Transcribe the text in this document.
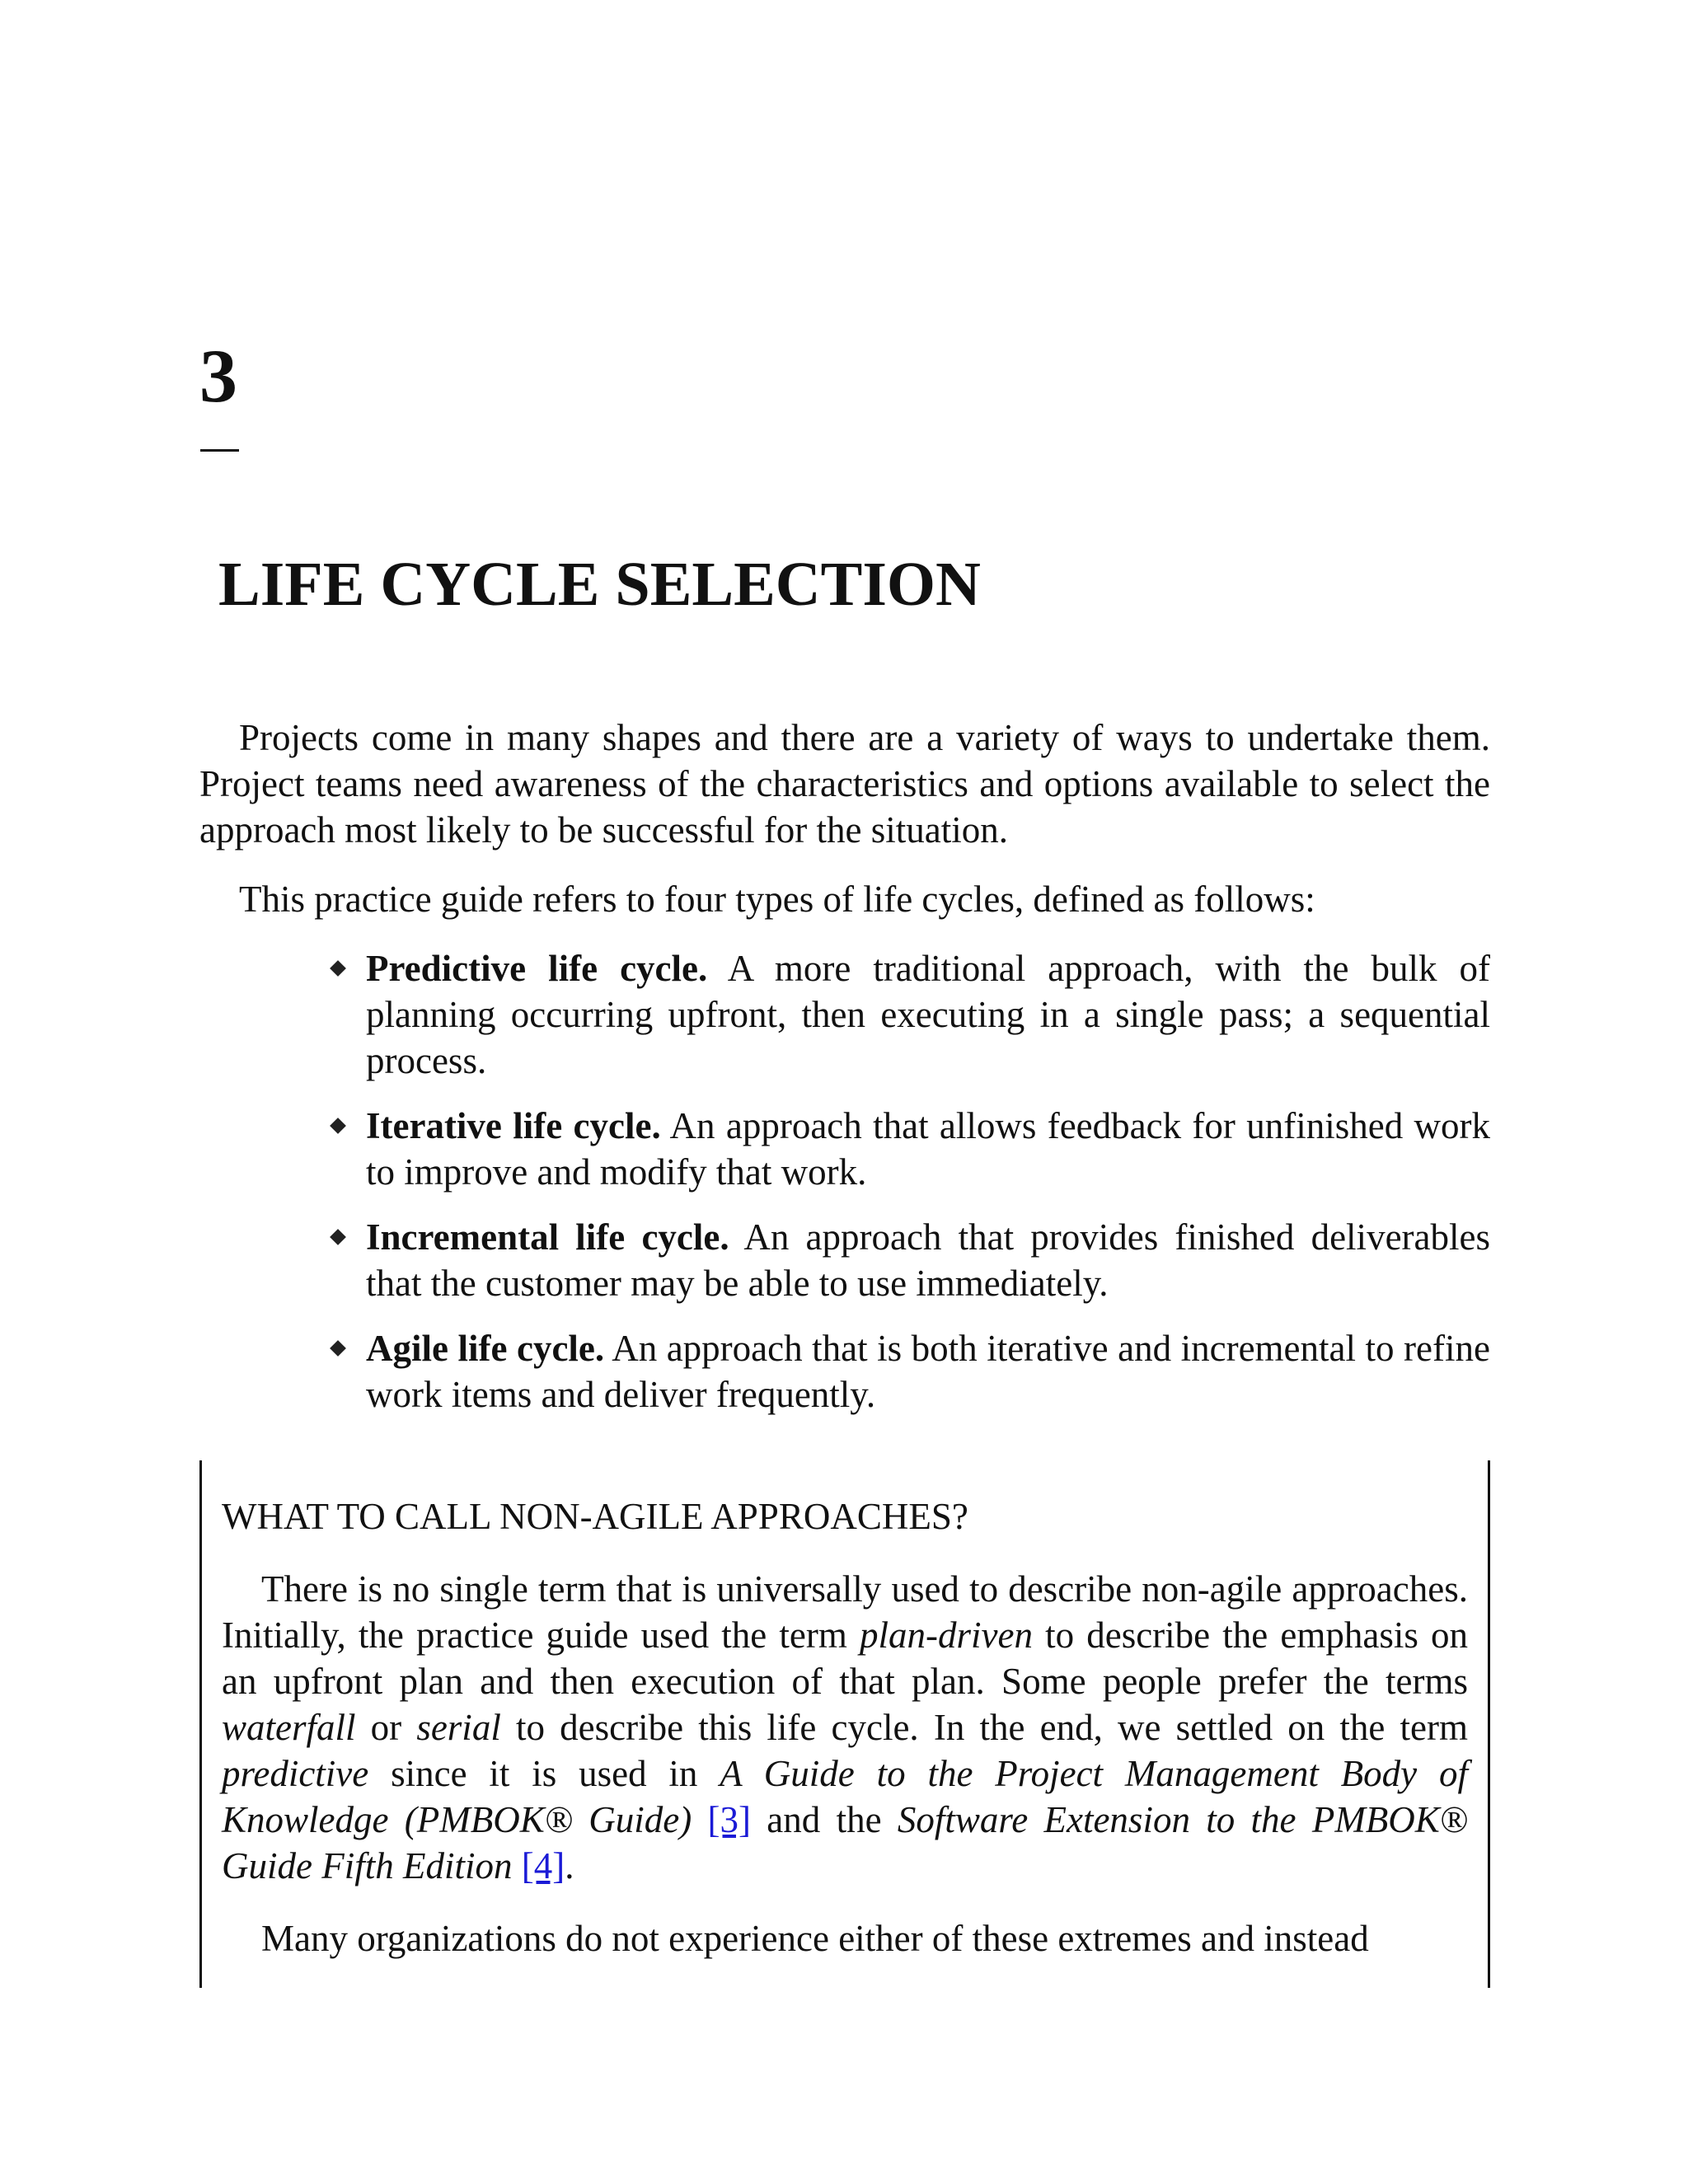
3
LIFE CYCLE SELECTION

Projects come in many shapes and there are a variety of ways to undertake them. Project teams need awareness of the characteristics and options available to select the approach most likely to be successful for the situation.

This practice guide refers to four types of life cycles, defined as follows:

Predictive life cycle. A more traditional approach, with the bulk of planning occurring upfront, then executing in a single pass; a sequential process.
Iterative life cycle. An approach that allows feedback for unfinished work to improve and modify that work.
Incremental life cycle. An approach that provides finished deliverables that the customer may be able to use immediately.
Agile life cycle. An approach that is both iterative and incremental to refine work items and deliver frequently.
WHAT TO CALL NON-AGILE APPROACHES?

There is no single term that is universally used to describe non-agile approaches. Initially, the practice guide used the term plan-driven to describe the emphasis on an upfront plan and then execution of that plan. Some people prefer the terms waterfall or serial to describe this life cycle. In the end, we settled on the term predictive since it is used in A Guide to the Project Management Body of Knowledge (PMBOK® Guide) [3] and the Software Extension to the PMBOK® Guide Fifth Edition [4].

Many organizations do not experience either of these extremes and instead
